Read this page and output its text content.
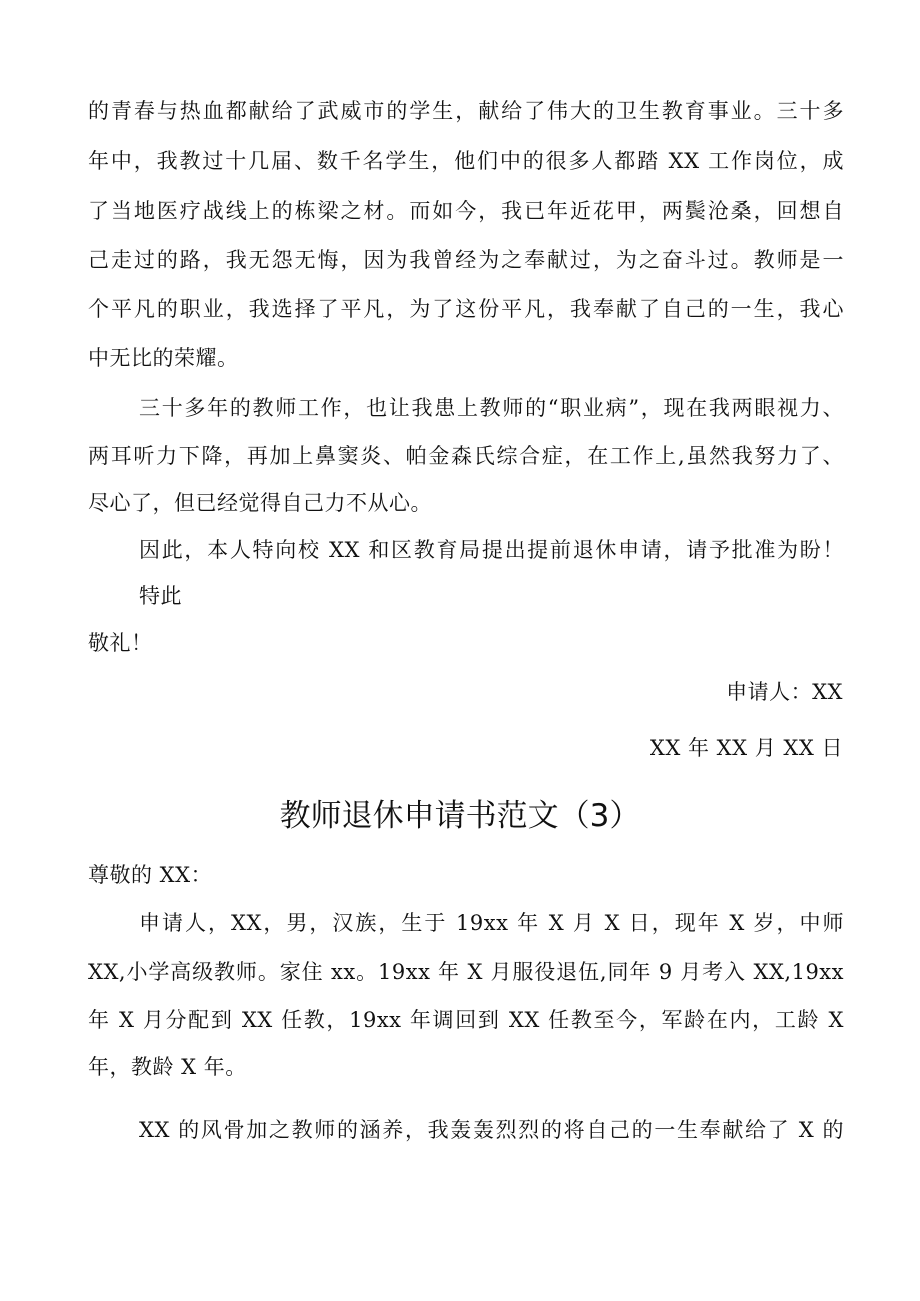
的青春与热血都献给了武威市的学生，献给了伟大的卫生教育事业。三十多
年中，我教过十几届、数千名学生，他们中的很多人都踏 XX 工作岗位，成
了当地医疗战线上的栋梁之材。而如今，我已年近花甲，两鬓沧桑，回想自
己走过的路，我无怨无悔，因为我曾经为之奉献过，为之奋斗过。教师是一
个平凡的职业，我选择了平凡，为了这份平凡，我奉献了自己的一生，我心
中无比的荣耀。
三十多年的教师工作，也让我患上教师的“职业病”，现在我两眼视力、
两耳听力下降，再加上鼻窦炎、帕金森氏综合症，在工作上,虽然我努力了、
尽心了，但已经觉得自己力不从心。
因此，本人特向校 XX 和区教育局提出提前退休申请，请予批准为盼！
特此
敬礼！
申请人：XX
XX 年 XX 月 XX 日
教师退休申请书范文（3）
尊敬的 XX：
申请人，XX，男，汉族，生于 19xx 年 X 月 X 日，现年 X 岁，中师
XX,小学高级教师。家住 xx。19xx 年 X 月服役退伍,同年 9 月考入 XX,19xx
年 X 月分配到 XX 任教，19xx 年调回到 XX 任教至今，军龄在内，工龄 X
年，教龄 X 年。
XX 的风骨加之教师的涵养，我轰轰烈烈的将自己的一生奉献给了 X 的
